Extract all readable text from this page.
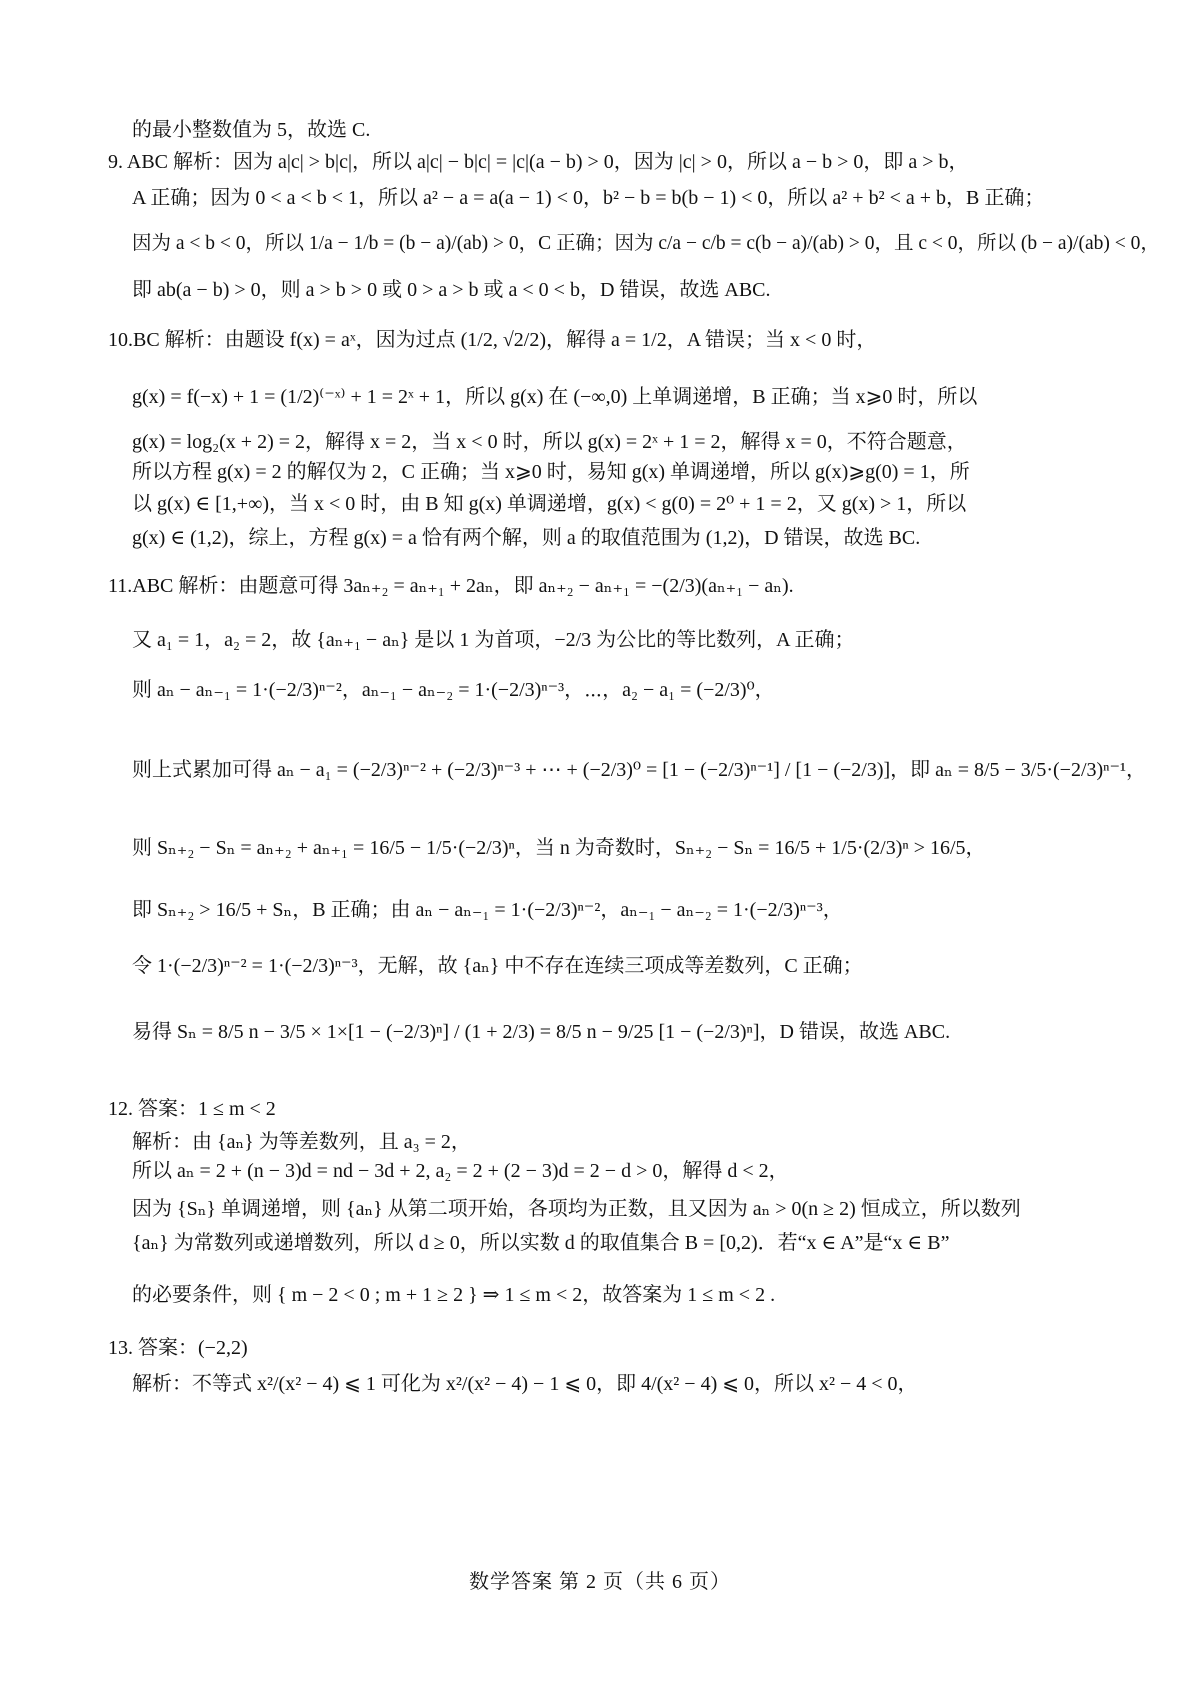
的最小整数值为 5，故选 C.
9. ABC 解析：因为 a|c| > b|c|，所以 a|c| − b|c| = |c|(a − b) > 0，因为 |c| > 0，所以 a − b > 0，即 a > b，
A 正确；因为 0 < a < b < 1，所以 a² − a = a(a − 1) < 0，b² − b = b(b − 1) < 0，所以 a² + b² < a + b，B 正确；
因为 a < b < 0，所以 1/a − 1/b = (b − a)/(ab) > 0，C 正确；因为 c/a − c/b = c(b − a)/(ab) > 0，且 c < 0，所以 (b − a)/(ab) < 0，
即 ab(a − b) > 0，则 a > b > 0 或 0 > a > b 或 a < 0 < b，D 错误，故选 ABC.
10.BC 解析：由题设 f(x) = aˣ，因为过点 (1/2, √2/2)，解得 a = 1/2，A 错误；当 x < 0 时，
g(x) = f(−x) + 1 = (1/2)⁽⁻ˣ⁾ + 1 = 2ˣ + 1，所以 g(x) 在 (−∞,0) 上单调递增，B 正确；当 x⩾0 时，所以
g(x) = log₂(x + 2) = 2，解得 x = 2，当 x < 0 时，所以 g(x) = 2ˣ + 1 = 2，解得 x = 0，不符合题意，
所以方程 g(x) = 2 的解仅为 2，C 正确；当 x⩾0 时，易知 g(x) 单调递增，所以 g(x)⩾g(0) = 1，所
以 g(x) ∈ [1,+∞)，当 x < 0 时，由 B 知 g(x) 单调递增，g(x) < g(0) = 2⁰ + 1 = 2，又 g(x) > 1，所以
g(x) ∈ (1,2)，综上，方程 g(x) = a 恰有两个解，则 a 的取值范围为 (1,2)，D 错误，故选 BC.
11.ABC 解析：由题意可得 3aₙ₊₂ = aₙ₊₁ + 2aₙ，即 aₙ₊₂ − aₙ₊₁ = −(2/3)(aₙ₊₁ − aₙ).
又 a₁ = 1，a₂ = 2，故 {aₙ₊₁ − aₙ} 是以 1 为首项，−2/3 为公比的等比数列，A 正确；
则 aₙ − aₙ₋₁ = 1·(−2/3)ⁿ⁻²，aₙ₋₁ − aₙ₋₂ = 1·(−2/3)ⁿ⁻³，⋯，a₂ − a₁ = (−2/3)⁰，
则上式累加可得 aₙ − a₁ = (−2/3)ⁿ⁻² + (−2/3)ⁿ⁻³ + ⋯ + (−2/3)⁰ = [1 − (−2/3)ⁿ⁻¹] / [1 − (−2/3)]，即 aₙ = 8/5 − 3/5·(−2/3)ⁿ⁻¹，
则 Sₙ₊₂ − Sₙ = aₙ₊₂ + aₙ₊₁ = 16/5 − 1/5·(−2/3)ⁿ，当 n 为奇数时，Sₙ₊₂ − Sₙ = 16/5 + 1/5·(2/3)ⁿ > 16/5，
即 Sₙ₊₂ > 16/5 + Sₙ，B 正确；由 aₙ − aₙ₋₁ = 1·(−2/3)ⁿ⁻²，aₙ₋₁ − aₙ₋₂ = 1·(−2/3)ⁿ⁻³，
令 1·(−2/3)ⁿ⁻² = 1·(−2/3)ⁿ⁻³，无解，故 {aₙ} 中不存在连续三项成等差数列，C 正确；
易得 Sₙ = 8/5 n − 3/5 × 1×[1 − (−2/3)ⁿ] / (1 + 2/3) = 8/5 n − 9/25 [1 − (−2/3)ⁿ]，D 错误，故选 ABC.
12. 答案：1 ≤ m < 2
解析：由 {aₙ} 为等差数列，且 a₃ = 2，
所以 aₙ = 2 + (n − 3)d = nd − 3d + 2, a₂ = 2 + (2 − 3)d = 2 − d > 0，解得 d < 2，
因为 {Sₙ} 单调递增，则 {aₙ} 从第二项开始，各项均为正数，且又因为 aₙ > 0(n ≥ 2) 恒成立，所以数列
{aₙ} 为常数列或递增数列，所以 d ≥ 0，所以实数 d 的取值集合 B = [0,2)．若“x ∈ A”是“x ∈ B”
的必要条件，则 { m − 2 < 0 ; m + 1 ≥ 2 } ⇒ 1 ≤ m < 2，故答案为 1 ≤ m < 2 .
13. 答案：(−2,2)
解析：不等式 x²/(x² − 4) ⩽ 1 可化为 x²/(x² − 4) − 1 ⩽ 0，即 4/(x² − 4) ⩽ 0，所以 x² − 4 < 0，
数学答案 第 2 页（共 6 页）
